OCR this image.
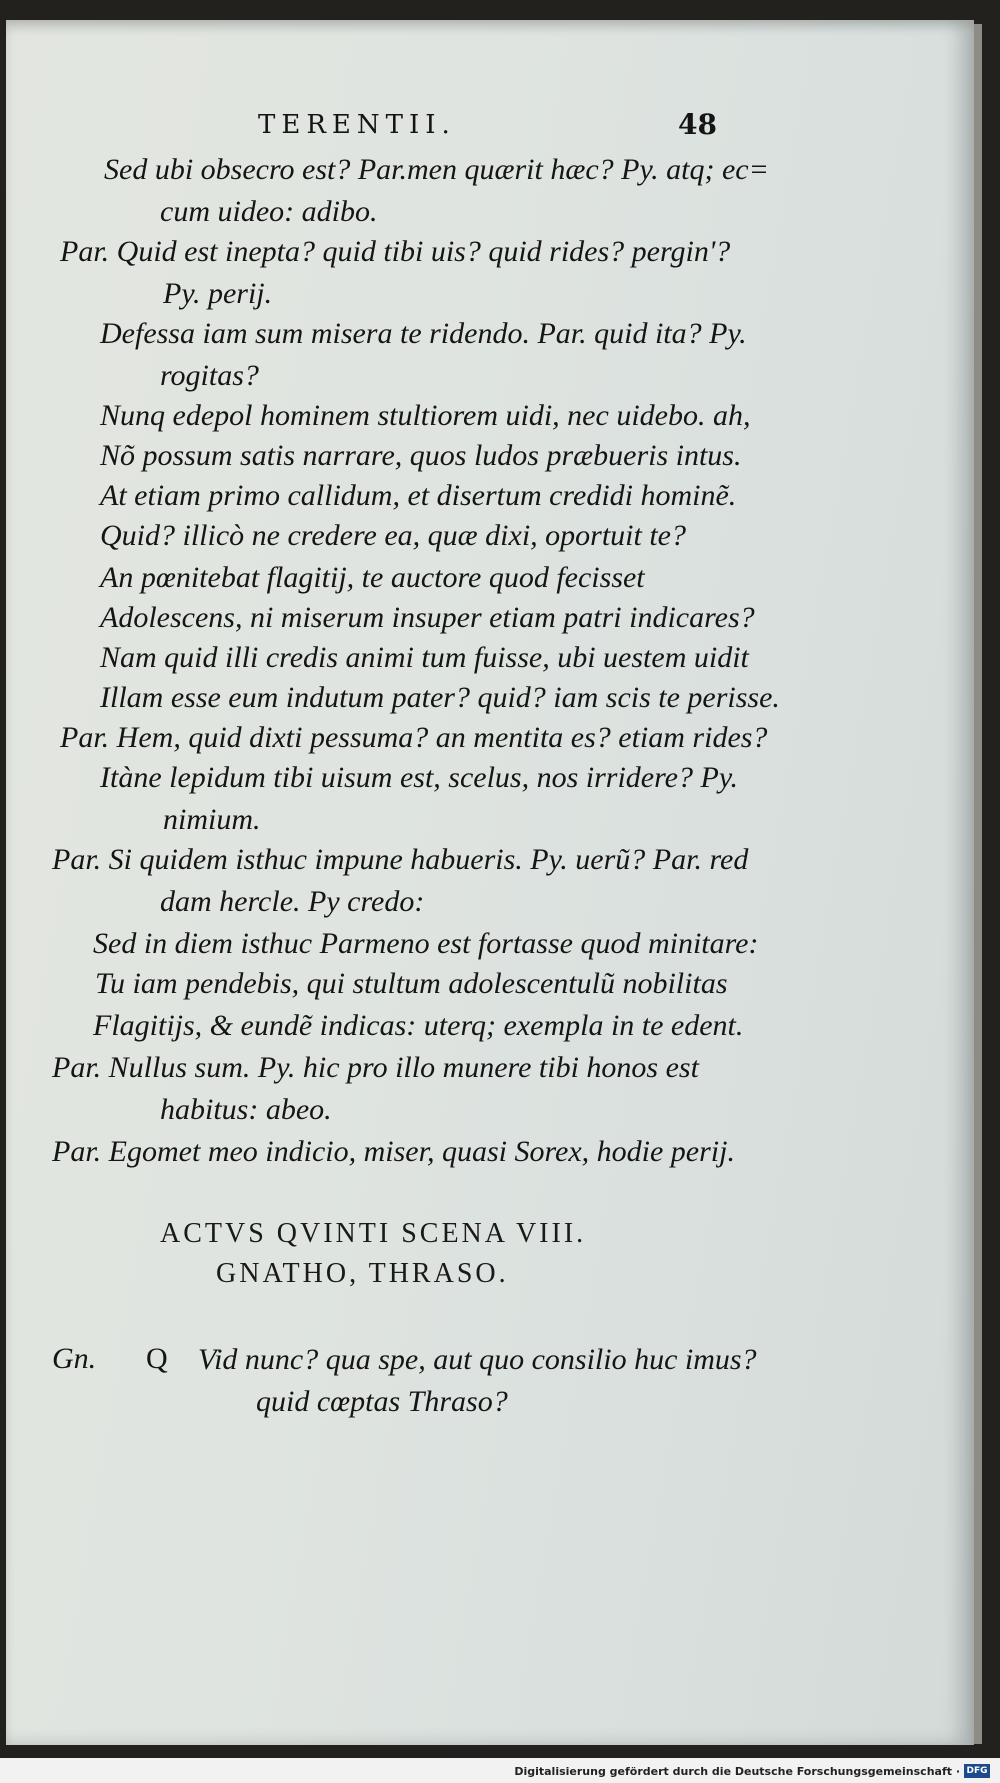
TERENTII.	48
Sed ubi obsecro est? Par.men quærit hæc? Py. atq; ec=
cum uideo: adibo.
Par. Quid est inepta? quid tibi uis? quid rides? pergin'?
Py. perij.
Defessa iam sum misera te ridendo. Par. quid ita? Py.
rogitas?
Nunq edepol hominem stultiorem uidi, nec uidebo. ah,
Nõ possum satis narrare, quos ludos præbueris intus.
At etiam primo callidum, et disertum credidi hominẽ.
Quid? illicò ne credere ea, quæ dixi, oportuit te?
An pœnitebat flagitij, te auctore quod fecisset
Adolescens, ni miserum insuper etiam patri indicares?
Nam quid illi credis animi tum fuisse, ubi uestem uidit
Illam esse eum indutum pater? quid? iam scis te perisse.
Par. Hem, quid dixti pessuma? an mentita es? etiam rides?
Itàne lepidum tibi uisum est, scelus, nos irridere? Py.
nimium.
Par. Si quidem isthuc impune habueris. Py. uerũ? Par. red
dam hercle. Py credo:
Sed in diem isthuc Parmeno est fortasse quod minitare:
Tu iam pendebis, qui stultum adolescentulũ nobilitas
Flagitijs, & eundẽ indicas: uterq; exempla in te edent.
Par. Nullus sum. Py. hic pro illo munere tibi honos est
habitus: abeo.
Par. Egomet meo indicio, miser, quasi Sorex, hodie perij.
ACTVS QVINTI SCENA VIII.
GNATHO, THRASO.
Gn. Q Vid nunc? qua spe, aut quo consilio huc imus?
quid cœptas Thraso?
Digitalisierung gefördert durch die Deutsche Forschungsgemeinschaft · DFG
